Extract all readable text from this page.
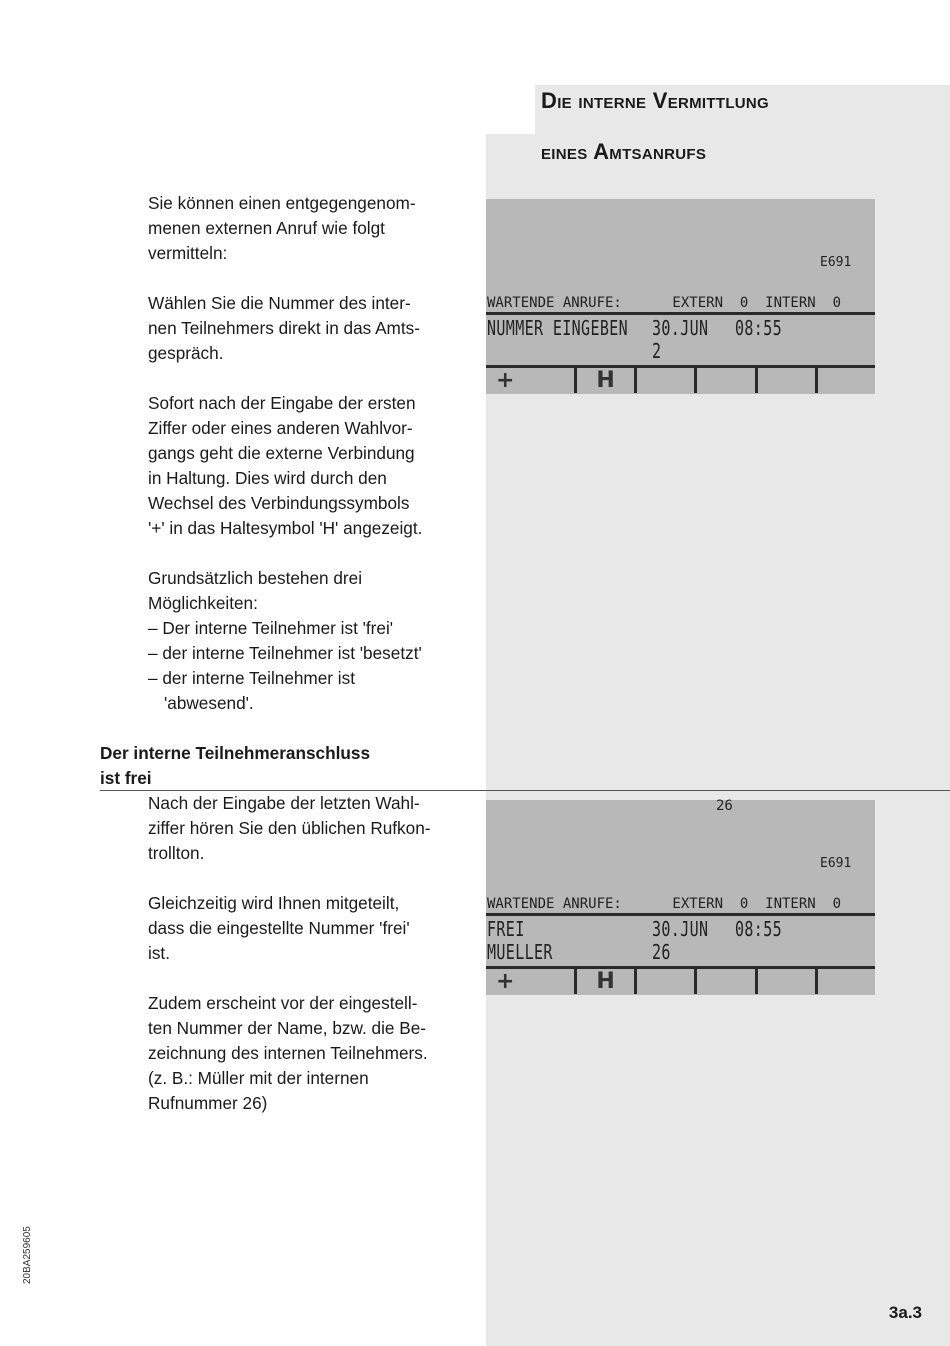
Die interne Vermittlung
eines Amtsanrufs
Sie können einen entgegengenom-
menen externen Anruf wie folgt
vermitteln:
Wählen Sie die Nummer des inter-
nen Teilnehmers direkt in das Amts-
gespräch.
Sofort nach der Eingabe der ersten
Ziffer oder eines anderen Wahlvor-
gangs geht die externe Verbindung
in Haltung. Dies wird durch den
Wechsel des Verbindungssymbols
'+' in das Haltesymbol 'H' angezeigt.
Grundsätzlich bestehen drei
Möglichkeiten:
– Der interne Teilnehmer ist 'frei'
– der interne Teilnehmer ist 'besetzt'
– der interne Teilnehmer ist
'abwesend'.
Der interne Teilnehmeranschluss
ist frei
Nach der Eingabe der letzten Wahl-
ziffer hören Sie den üblichen Rufkon-
trollton.
Gleichzeitig wird Ihnen mitgeteilt,
dass die eingestellte Nummer 'frei'
ist.
Zudem erscheint vor der eingestell-
ten Nummer der Name, bzw. die Be-
zeichnung des internen Teilnehmers.
(z. B.: Müller mit der internen
Rufnummer 26)
E691
WARTENDE ANRUFE:      EXTERN  0  INTERN  0
NUMMER EINGEBEN 30.JUN 08:55
2
+	H
26
E691
WARTENDE ANRUFE:      EXTERN  0  INTERN  0
FREI	30.JUN 08:55
MUELLER	26
+	H
20BA259605
3a.3
